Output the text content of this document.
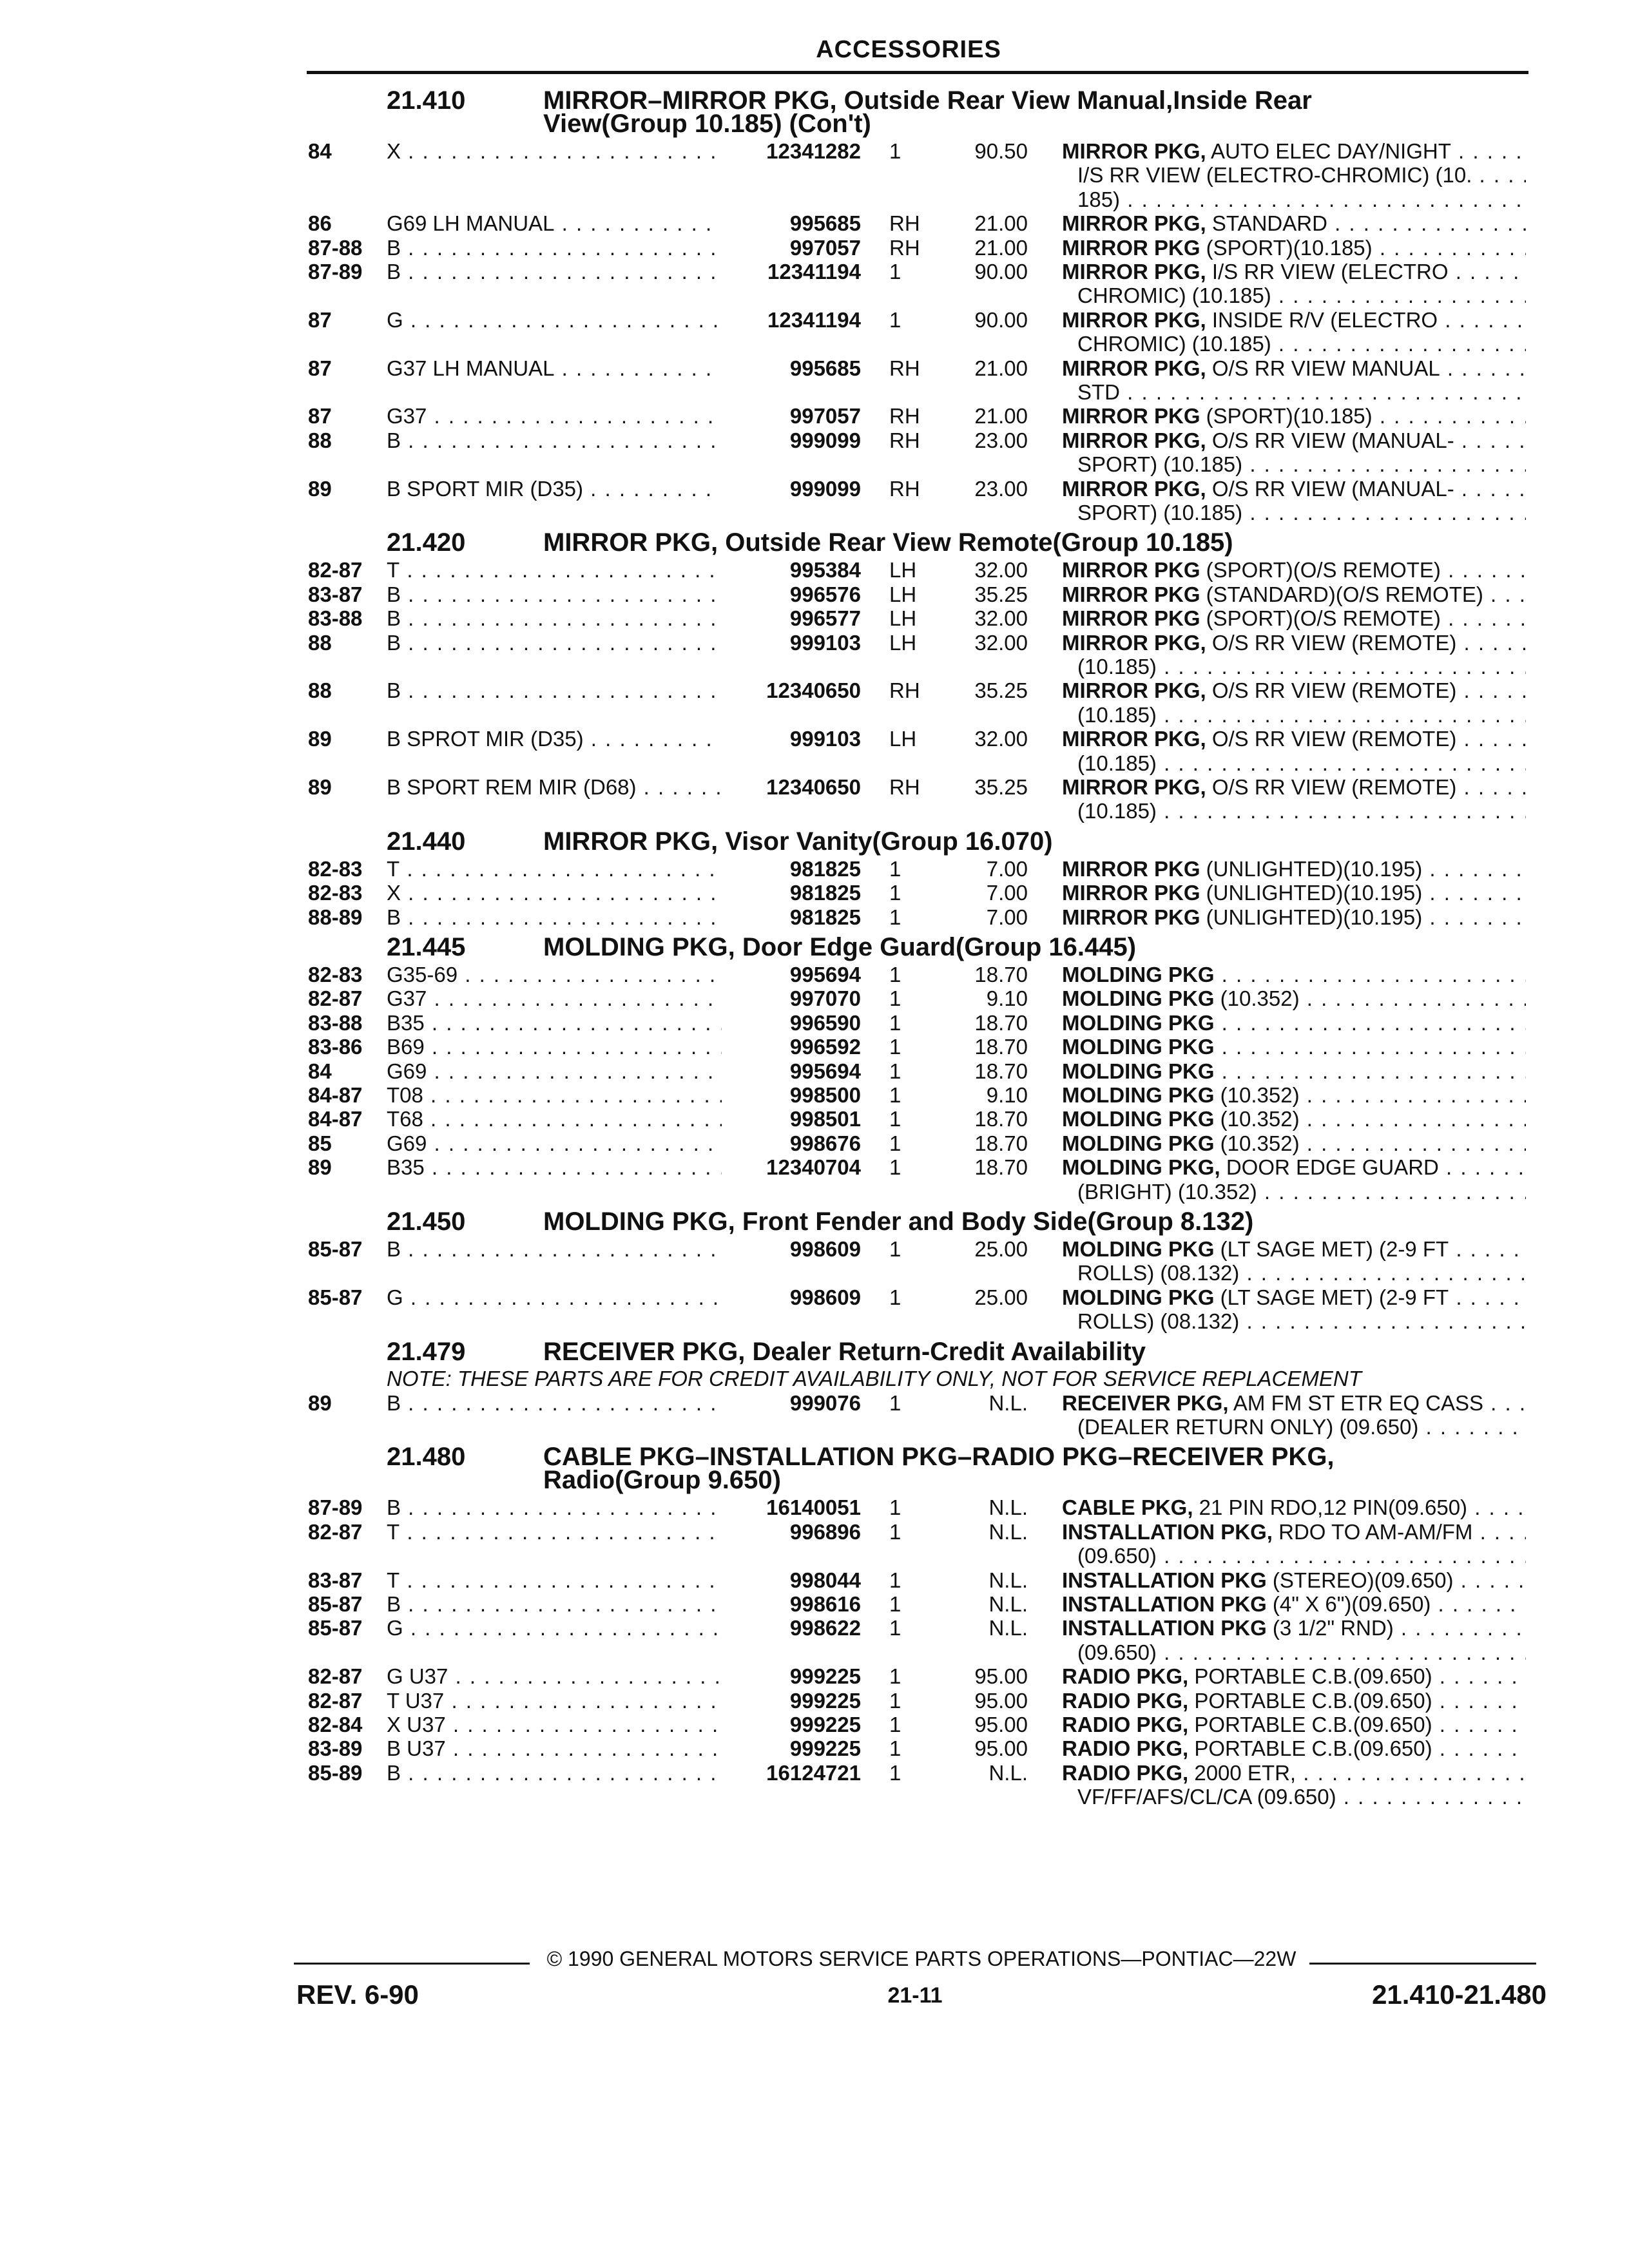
ACCESSORIES
21.410	MIRROR–MIRROR PKG, Outside Rear View Manual,Inside Rear
View(Group 10.185) (Con't)
84	X . . .	12341282 1	90.50 MIRROR PKG, AUTO ELEC DAY/NIGHT . . .
I/S RR VIEW (ELECTRO-CHROMIC) (10. . . .
185) . . .
86	G69 LH MANUAL . . .	995685 RH	21.00 MIRROR PKG, STANDARD . . .
87-88 B . . .	997057 RH	21.00 MIRROR PKG (SPORT)(10.185) . . .
87-89 B . . .	12341194 1	90.00 MIRROR PKG, I/S RR VIEW (ELECTRO . . .
CHROMIC) (10.185) . . .
87	G . . .	12341194 1	90.00 MIRROR PKG, INSIDE R/V (ELECTRO . . .
CHROMIC) (10.185) . . .
87	G37 LH MANUAL . . .	995685 RH	21.00 MIRROR PKG, O/S RR VIEW MANUAL . . .
STD . . .
87	G37 . . .	997057 RH	21.00 MIRROR PKG (SPORT)(10.185) . . .
88	B . . .	999099 RH	23.00 MIRROR PKG, O/S RR VIEW (MANUAL- . . .
SPORT) (10.185) . . .
89	B SPORT MIR (D35) . . .	999099 RH	23.00 MIRROR PKG, O/S RR VIEW (MANUAL- . . .
SPORT) (10.185) . . .
21.420	MIRROR PKG, Outside Rear View Remote(Group 10.185)
82-87 T . . .	995384 LH	32.00 MIRROR PKG (SPORT)(O/S REMOTE) . . .
83-87 B . . .	996576 LH	35.25 MIRROR PKG (STANDARD)(O/S REMOTE) . . .
83-88 B . . .	996577 LH	32.00 MIRROR PKG (SPORT)(O/S REMOTE) . . .
88	B . . .	999103 LH	32.00 MIRROR PKG, O/S RR VIEW (REMOTE) . . .
(10.185) . . .
88	B . . .	12340650 RH	35.25 MIRROR PKG, O/S RR VIEW (REMOTE) . . .
(10.185) . . .
89	B SPROT MIR (D35) . . .	999103 LH	32.00 MIRROR PKG, O/S RR VIEW (REMOTE) . . .
(10.185) . . .
89	B SPORT REM MIR (D68) . . .	12340650 RH	35.25 MIRROR PKG, O/S RR VIEW (REMOTE) . . .
(10.185) . . .
21.440	MIRROR PKG, Visor Vanity(Group 16.070)
82-83 T . . .	981825 1	7.00 MIRROR PKG (UNLIGHTED)(10.195) . . .
82-83 X . . .	981825 1	7.00 MIRROR PKG (UNLIGHTED)(10.195) . . .
88-89 B . . .	981825 1	7.00 MIRROR PKG (UNLIGHTED)(10.195) . . .
21.445	MOLDING PKG, Door Edge Guard(Group 16.445)
82-83 G35-69 . . .	995694 1	18.70 MOLDING PKG . . .
82-87 G37 . . .	997070 1	9.10 MOLDING PKG (10.352) . . .
83-88 B35 . . .	996590 1	18.70 MOLDING PKG . . .
83-86 B69 . . .	996592 1	18.70 MOLDING PKG . . .
84	G69 . . .	995694 1	18.70 MOLDING PKG . . .
84-87 T08 . . .	998500 1	9.10 MOLDING PKG (10.352) . . .
84-87 T68 . . .	998501 1	18.70 MOLDING PKG (10.352) . . .
85	G69 . . .	998676 1	18.70 MOLDING PKG (10.352) . . .
89	B35 . . .	12340704 1	18.70 MOLDING PKG, DOOR EDGE GUARD . . .
(BRIGHT) (10.352) . . .
21.450	MOLDING PKG, Front Fender and Body Side(Group 8.132)
85-87 B . . .	998609 1	25.00 MOLDING PKG (LT SAGE MET) (2-9 FT . . .
ROLLS) (08.132) . . .
85-87 G . . .	998609 1	25.00 MOLDING PKG (LT SAGE MET) (2-9 FT . . .
ROLLS) (08.132) . . .
21.479	RECEIVER PKG, Dealer Return-Credit Availability
NOTE: THESE PARTS ARE FOR CREDIT AVAILABILITY ONLY, NOT FOR SERVICE REPLACEMENT
89	B . . .	999076 1	N.L. RECEIVER PKG, AM FM ST ETR EQ CASS . . .
(DEALER RETURN ONLY) (09.650) . . .
21.480	CABLE PKG–INSTALLATION PKG–RADIO PKG–RECEIVER PKG,
Radio(Group 9.650)
87-89 B . . .	16140051 1	N.L. CABLE PKG, 21 PIN RDO,12 PIN(09.650) . . .
82-87 T . . .	996896 1	N.L. INSTALLATION PKG, RDO TO AM-AM/FM . . .
(09.650) . . .
83-87 T . . .	998044 1	N.L. INSTALLATION PKG (STEREO)(09.650) . . .
85-87 B . . .	998616 1	N.L. INSTALLATION PKG (4" X 6")(09.650) . . .
85-87 G . . .	998622 1	N.L. INSTALLATION PKG (3 1/2" RND) . . .
(09.650) . . .
82-87 G U37 . . .	999225 1	95.00 RADIO PKG, PORTABLE C.B.(09.650) . . .
82-87 T U37 . . .	999225 1	95.00 RADIO PKG, PORTABLE C.B.(09.650) . . .
82-84 X U37 . . .	999225 1	95.00 RADIO PKG, PORTABLE C.B.(09.650) . . .
83-89 B U37 . . .	999225 1	95.00 RADIO PKG, PORTABLE C.B.(09.650) . . .
85-89 B . . .	16124721 1	N.L. RADIO PKG, 2000 ETR, . . .
VF/FF/AFS/CL/CA (09.650) . . .
© 1990 GENERAL MOTORS SERVICE PARTS OPERATIONS—PONTIAC—22W
REV. 6-90	21-11	21.410-21.480
